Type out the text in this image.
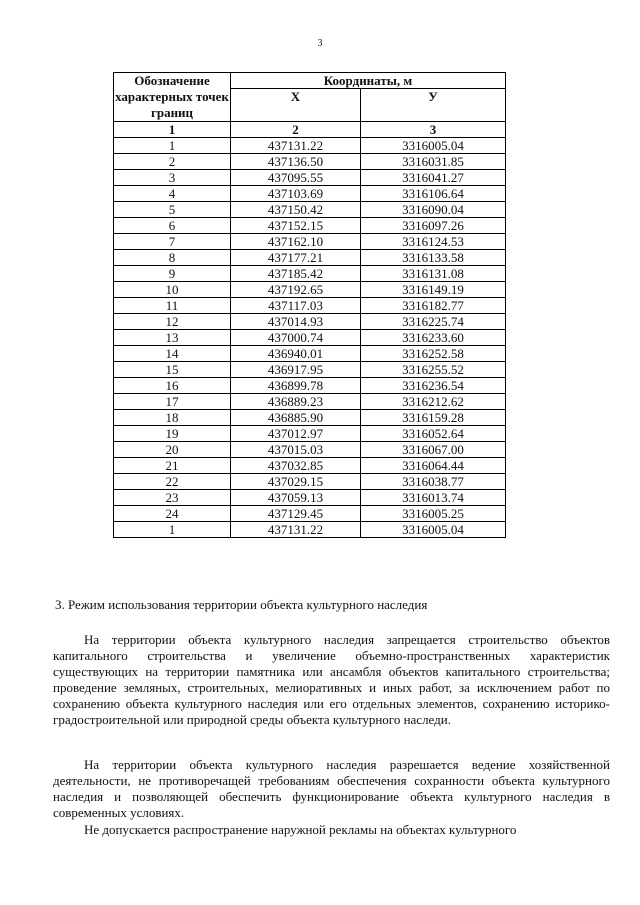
3
Обозначение характерных точек границ	Координаты, м	
	X	У
1	2	3
1	437131.22	3316005.04
2	437136.50	3316031.85
3	437095.55	3316041.27
4	437103.69	3316106.64
5	437150.42	3316090.04
6	437152.15	3316097.26
7	437162.10	3316124.53
8	437177.21	3316133.58
9	437185.42	3316131.08
10	437192.65	3316149.19
11	437117.03	3316182.77
12	437014.93	3316225.74
13	437000.74	3316233.60
14	436940.01	3316252.58
15	436917.95	3316255.52
16	436899.78	3316236.54
17	436889.23	3316212.62
18	436885.90	3316159.28
19	437012.97	3316052.64
20	437015.03	3316067.00
21	437032.85	3316064.44
22	437029.15	3316038.77
23	437059.13	3316013.74
24	437129.45	3316005.25
1	437131.22	3316005.04
3. Режим использования территории объекта культурного наследия

На территории объекта культурного наследия запрещается строительство объектов капитального строительства и увеличение объемно-пространственных характеристик существующих на территории памятника или ансамбля объектов капитального строительства; проведение земляных, строительных, мелиоративных и иных работ, за исключением работ по сохранению объекта культурного наследия или его отдельных элементов, сохранению историко-градостроительной или природной среды объекта культурного наследи.

На территории объекта культурного наследия разрешается ведение хозяйственной деятельности, не противоречащей требованиям обеспечения сохранности объекта культурного наследия и позволяющей обеспечить функционирование объекта культурного наследия в современных условиях.

Не допускается распространение наружной рекламы на объектах культурного
